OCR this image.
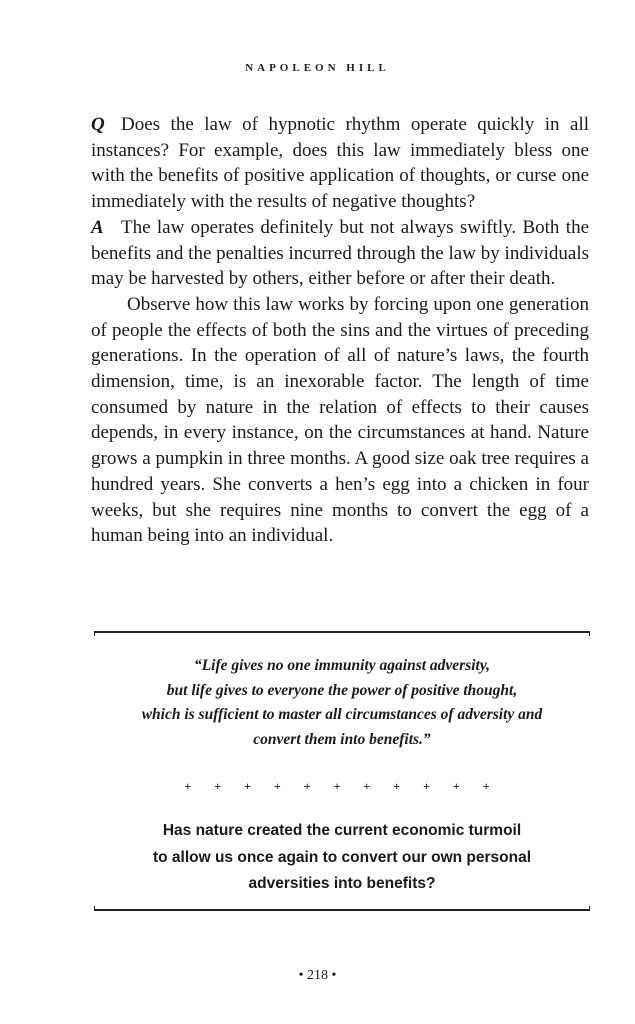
NAPOLEON HILL

Q Does the law of hypnotic rhythm operate quickly in all instances? For example, does this law immediately bless one with the benefits of positive application of thoughts, or curse one immediately with the results of negative thoughts?

A The law operates definitely but not always swiftly. Both the benefits and the penalties incurred through the law by individuals may be harvested by others, either before or after their death.

Observe how this law works by forcing upon one generation of people the effects of both the sins and the virtues of preceding generations. In the operation of all of nature’s laws, the fourth dimension, time, is an inexorable factor. The length of time consumed by nature in the relation of effects to their causes depends, in every instance, on the circumstances at hand. Nature grows a pumpkin in three months. A good size oak tree requires a hundred years. She converts a hen’s egg into a chicken in four weeks, but she requires nine months to convert the egg of a human being into an individual.

“Life gives no one immunity against adversity,
but life gives to everyone the power of positive thought,
which is sufficient to master all circumstances of adversity and
convert them into benefits.”
+ + + + + + + + + + +
Has nature created the current economic turmoil
to allow us once again to convert our own personal
adversities into benefits?
• 218 •
